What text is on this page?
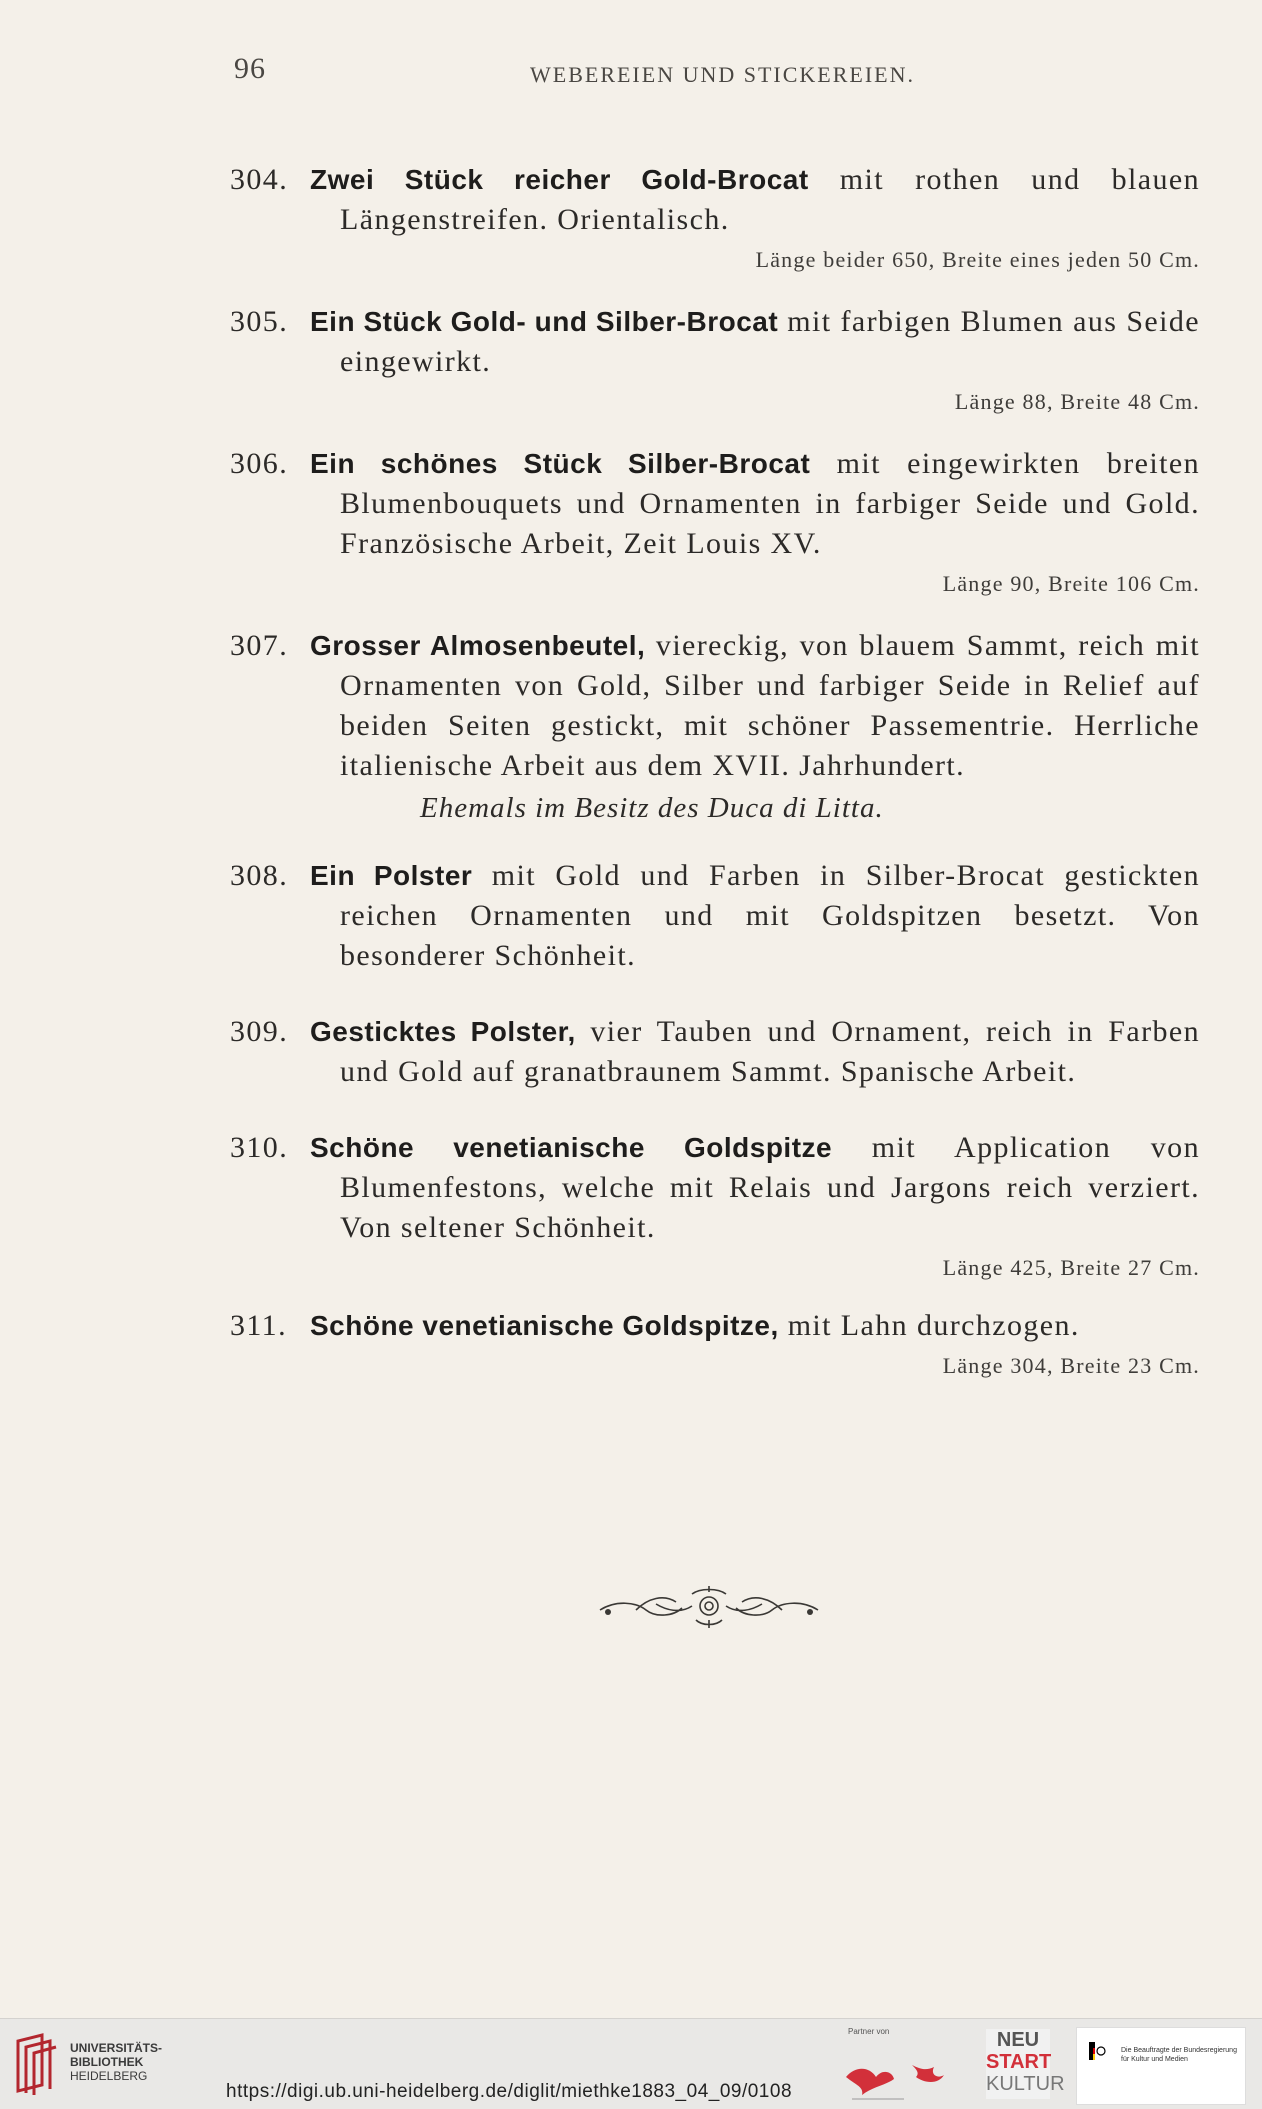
96	WEBEREIEN UND STICKEREIEN.
304. Zwei Stück reicher Gold-Brocat mit rothen und blauen Längenstreifen. Orientalisch.
Länge beider 650, Breite eines jeden 50 Cm.
305. Ein Stück Gold- und Silber-Brocat mit farbigen Blumen aus Seide eingewirkt.
Länge 88, Breite 48 Cm.
306. Ein schönes Stück Silber-Brocat mit eingewirkten breiten Blumenbouquets und Ornamenten in farbiger Seide und Gold. Französische Arbeit, Zeit Louis XV.
Länge 90, Breite 106 Cm.
307. Grosser Almosenbeutel, viereckig, von blauem Sammt, reich mit Ornamenten von Gold, Silber und farbiger Seide in Relief auf beiden Seiten gestickt, mit schöner Passementrie. Herrliche italienische Arbeit aus dem XVII. Jahrhundert.
Ehemals im Besitz des Duca di Litta.
308. Ein Polster mit Gold und Farben in Silber-Brocat gestickten reichen Ornamenten und mit Goldspitzen besetzt. Von besonderer Schönheit.
309. Gesticktes Polster, vier Tauben und Ornament, reich in Farben und Gold auf granatbraunem Sammt. Spanische Arbeit.
310. Schöne venetianische Goldspitze mit Application von Blumenfestons, welche mit Relais und Jargons reich verziert. Von seltener Schönheit.
Länge 425, Breite 27 Cm.
311. Schöne venetianische Goldspitze, mit Lahn durchzogen.
Länge 304, Breite 23 Cm.
UNIVERSITÄTS-
BIBLIOTHEK
HEIDELBERG
https://digi.ub.uni-heidelberg.de/diglit/miethke1883_04_09/0108
Partner von	NEU
START
KULTUR
Die Beauftragte der Bundesregierung für Kultur und Medien
